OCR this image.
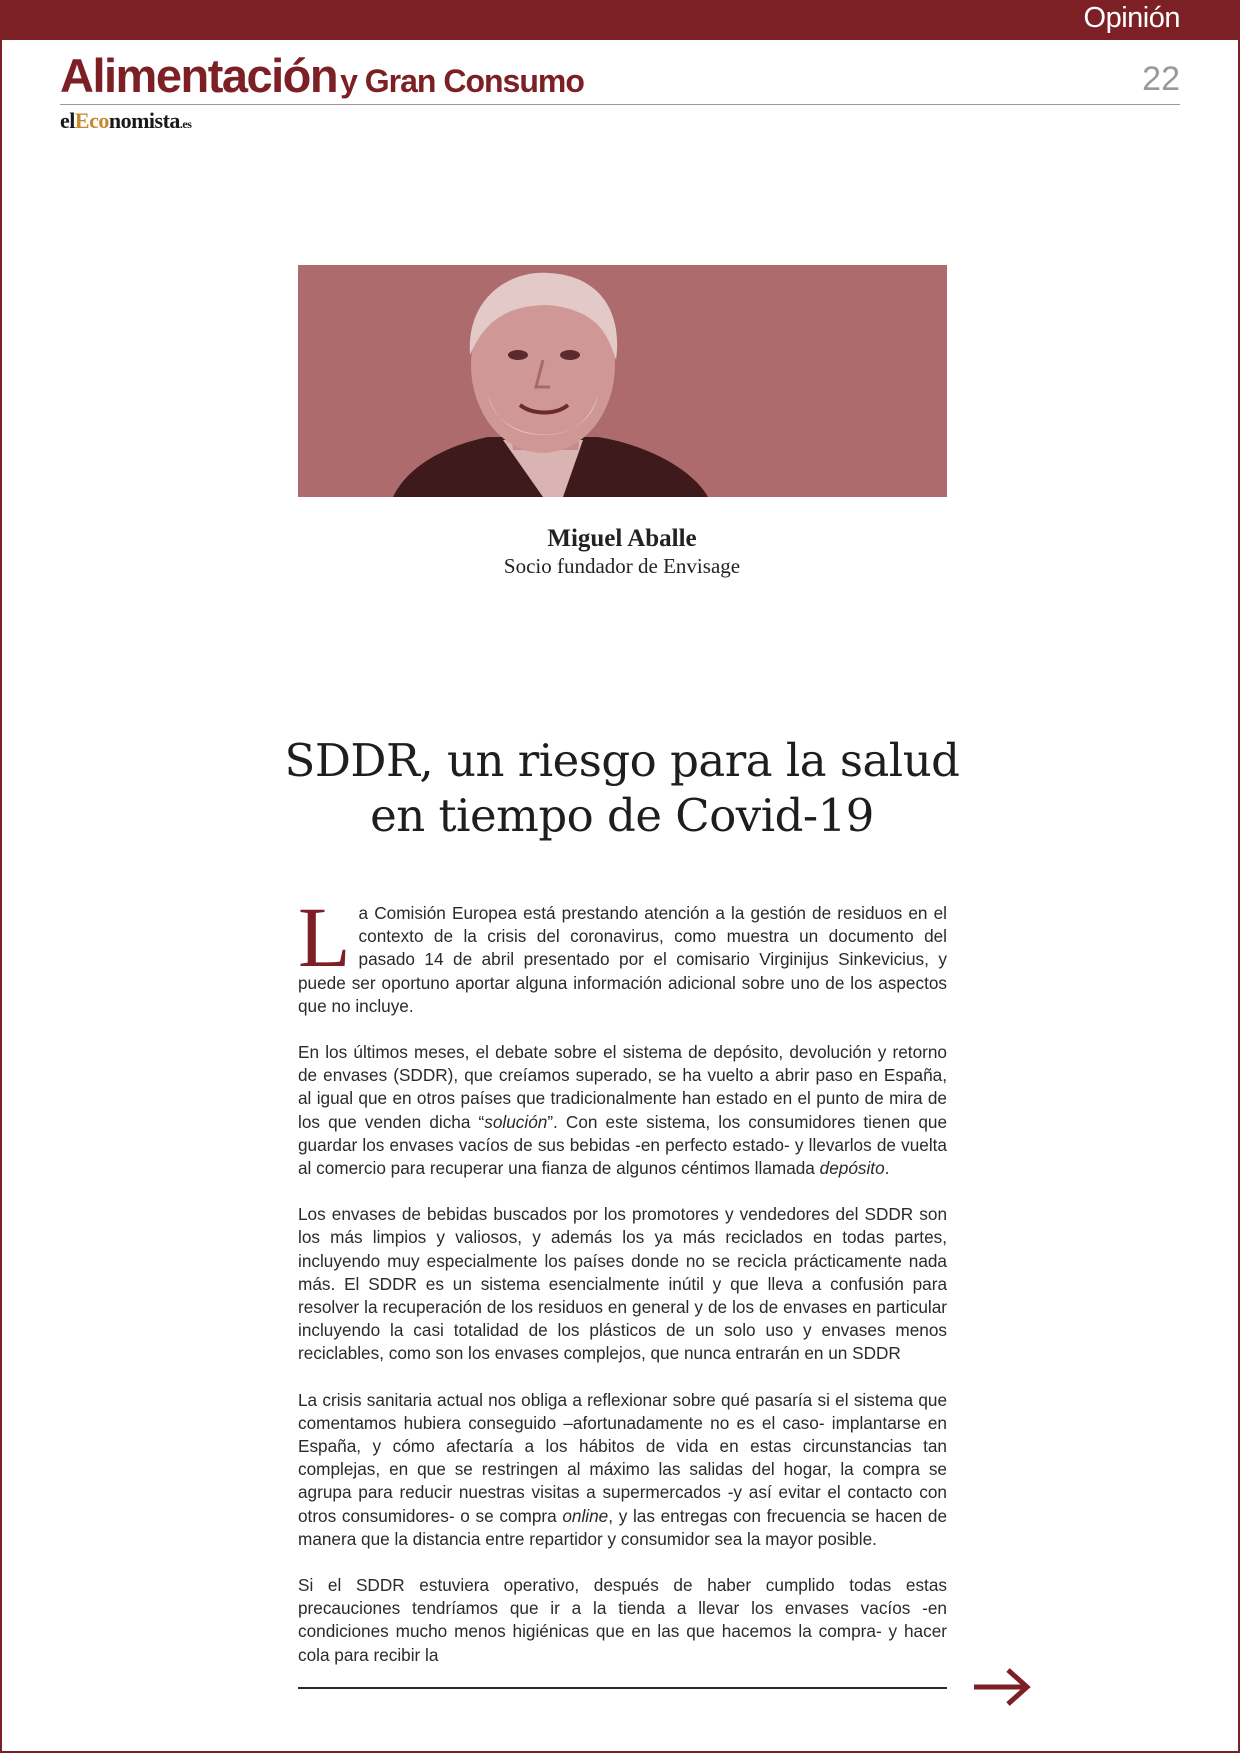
Opinión
Alimentación y Gran Consumo	22
elEconomista.es
Miguel Aballe
Socio fundador de Envisage
SDDR, un riesgo para la salud
en tiempo de Covid-19

La Comisión Europea está prestando atención a la gestión de residuos en el contexto de la crisis del coronavirus, como muestra un documento del pasado 14 de abril presentado por el comisario Virginijus Sinkevicius, y puede ser oportuno aportar alguna información adicional sobre uno de los aspectos que no incluye.

En los últimos meses, el debate sobre el sistema de depósito, devolución y retorno de envases (SDDR), que creíamos superado, se ha vuelto a abrir paso en España, al igual que en otros países que tradicionalmente han estado en el punto de mira de los que venden dicha “solución”. Con este sistema, los consumidores tienen que guardar los envases vacíos de sus bebidas -en perfecto estado- y llevarlos de vuelta al comercio para recuperar una fianza de algunos céntimos llamada depósito.

Los envases de bebidas buscados por los promotores y vendedores del SDDR son los más limpios y valiosos, y además los ya más reciclados en todas partes, incluyendo muy especialmente los países donde no se recicla prácticamente nada más. El SDDR es un sistema esencialmente inútil y que lleva a confusión para resolver la recuperación de los residuos en general y de los de envases en particular incluyendo la casi totalidad de los plásticos de un solo uso y envases menos reciclables, como son los envases complejos, que nunca entrarán en un SDDR

La crisis sanitaria actual nos obliga a reflexionar sobre qué pasaría si el sistema que comentamos hubiera conseguido –afortunadamente no es el caso- implantarse en España, y cómo afectaría a los hábitos de vida en estas circunstancias tan complejas, en que se restringen al máximo las salidas del hogar, la compra se agrupa para reducir nuestras visitas a supermercados -y así evitar el contacto con otros consumidores- o se compra online, y las entregas con frecuencia se hacen de manera que la distancia entre repartidor y consumidor sea la mayor posible.

Si el SDDR estuviera operativo, después de haber cumplido todas estas precauciones tendríamos que ir a la tienda a llevar los envases vacíos -en condiciones mucho menos higiénicas que en las que hacemos la compra- y hacer cola para recibir la
